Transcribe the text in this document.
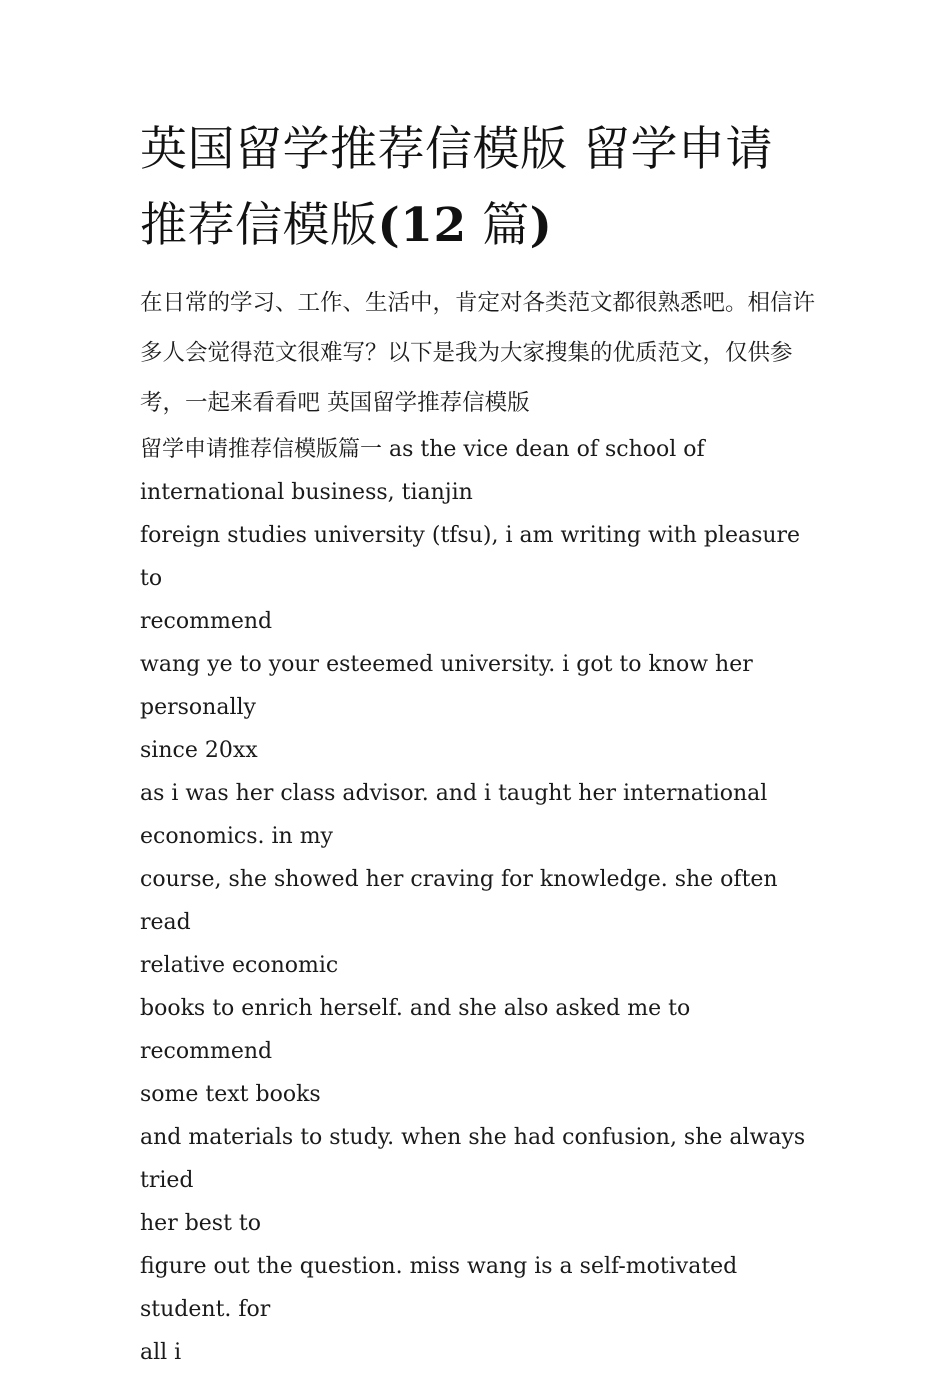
英国留学推荐信模版 留学申请推荐信模版(12 篇)

在日常的学习、工作、生活中，肯定对各类范文都很熟悉吧。相信许多人会觉得范文很难写？以下是我为大家搜集的优质范文，仅供参考，一起来看看吧 英国留学推荐信模版

留学申请推荐信模版篇一 as the vice dean of school of

international business, tianjin

foreign studies university (tfsu), i am writing with pleasure to

recommend

wang ye to your esteemed university. i got to know her personally

since 20xx

as i was her class advisor. and i taught her international

economics. in my

course, she showed her craving for knowledge. she often read

relative economic

books to enrich herself. and she also asked me to recommend

some text books

and materials to study. when she had confusion, she always tried

her best to

figure out the question. miss wang is a self-motivated student. for

all i
